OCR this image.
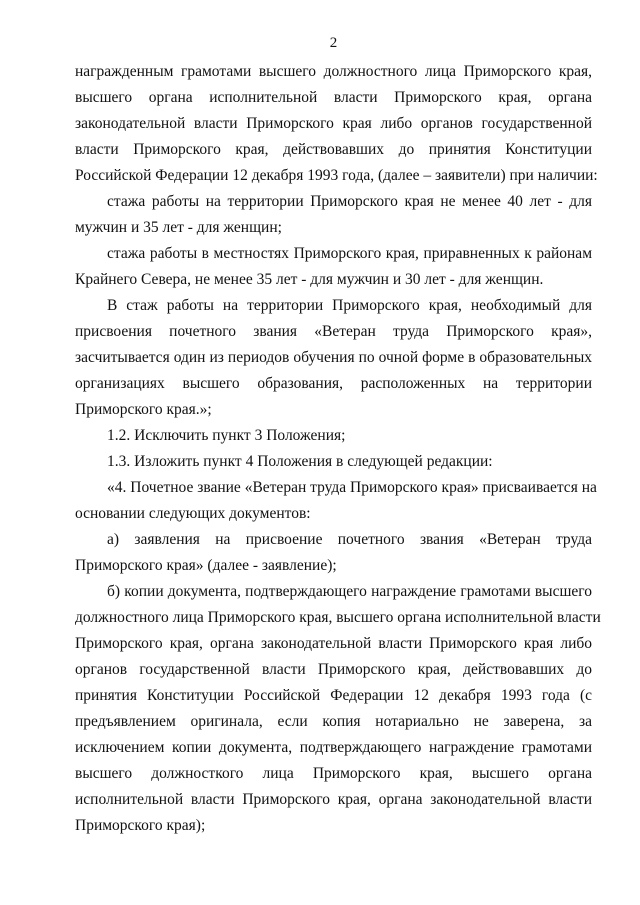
2
награжденным грамотами высшего должностного лица Приморского края,
высшего органа исполнительной власти Приморского края, органа
законодательной власти Приморского края либо органов государственной
власти Приморского края, действовавших до принятия Конституции
Российской Федерации 12 декабря 1993 года, (далее – заявители) при наличии:
стажа работы на территории Приморского края не менее 40 лет - для
мужчин и 35 лет - для женщин;
стажа работы в местностях Приморского края, приравненных к районам
Крайнего Севера, не менее 35 лет - для мужчин и 30 лет - для женщин.
В стаж работы на территории Приморского края, необходимый для
присвоения почетного звания «Ветеран труда Приморского края»,
засчитывается один из периодов обучения по очной форме в образовательных
организациях высшего образования, расположенных на территории
Приморского края.»;
1.2. Исключить пункт 3 Положения;
1.3. Изложить пункт 4 Положения в следующей редакции:
«4. Почетное звание «Ветеран труда Приморского края» присваивается на
основании следующих документов:
а) заявления на присвоение почетного звания «Ветеран труда
Приморского края» (далее - заявление);
б) копии документа, подтверждающего награждение грамотами высшего
должностного лица Приморского края, высшего органа исполнительной власти
Приморского края, органа законодательной власти Приморского края либо
органов государственной власти Приморского края, действовавших до
принятия Конституции Российской Федерации 12 декабря 1993 года (с
предъявлением оригинала, если копия нотариально не заверена, за
исключением копии документа, подтверждающего награждение грамотами
высшего должносткого лица Приморского края, высшего органа
исполнительной власти Приморского края, органа законодательной власти
Приморского края);
